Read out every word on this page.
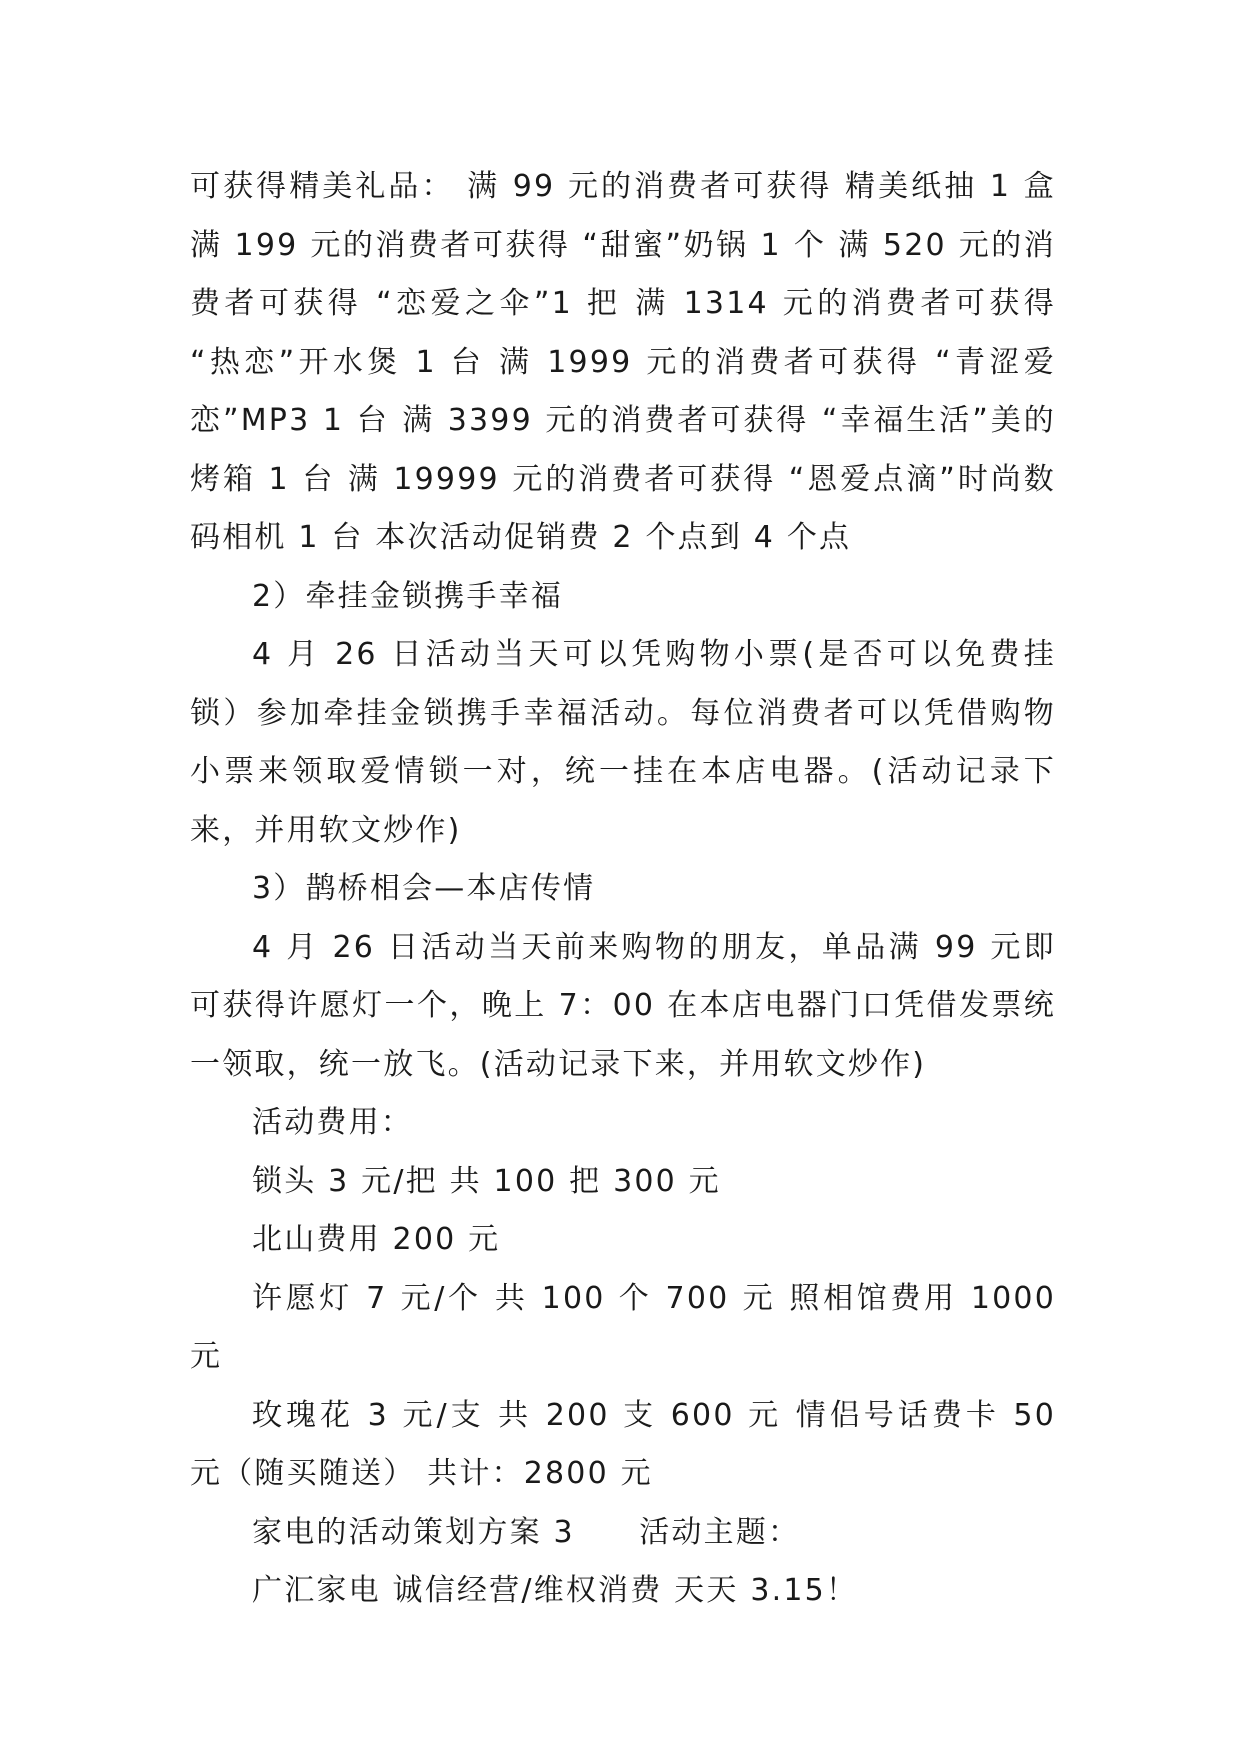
可获得精美礼品： 满 99 元的消费者可获得 精美纸抽 1 盒 满 199 元的消费者可获得 “甜蜜”奶锅 1 个 满 520 元的消费者可获得 “恋爱之伞”1 把 满 1314 元的消费者可获得 “热恋”开水煲 1 台 满 1999 元的消费者可获得 “青涩爱恋”MP3 1 台 满 3399 元的消费者可获得 “幸福生活”美的烤箱 1 台 满 19999 元的消费者可获得 “恩爱点滴”时尚数码相机 1 台 本次活动促销费 2 个点到 4 个点

2）牵挂金锁携手幸福

4 月 26 日活动当天可以凭购物小票(是否可以免费挂锁）参加牵挂金锁携手幸福活动。每位消费者可以凭借购物小票来领取爱情锁一对，统一挂在本店电器。(活动记录下来，并用软文炒作)

3）鹊桥相会—本店传情

4 月 26 日活动当天前来购物的朋友，单品满 99 元即可获得许愿灯一个，晚上 7：00 在本店电器门口凭借发票统一领取，统一放飞。(活动记录下来，并用软文炒作)

活动费用：

锁头 3 元/把 共 100 把 300 元

北山费用 200 元

许愿灯 7 元/个 共 100 个 700 元 照相馆费用 1000 元

玫瑰花 3 元/支 共 200 支 600 元 情侣号话费卡 50 元（随买随送） 共计：2800 元

家电的活动策划方案 3　　活动主题：

广汇家电 诚信经营/维权消费 天天 3.15！
